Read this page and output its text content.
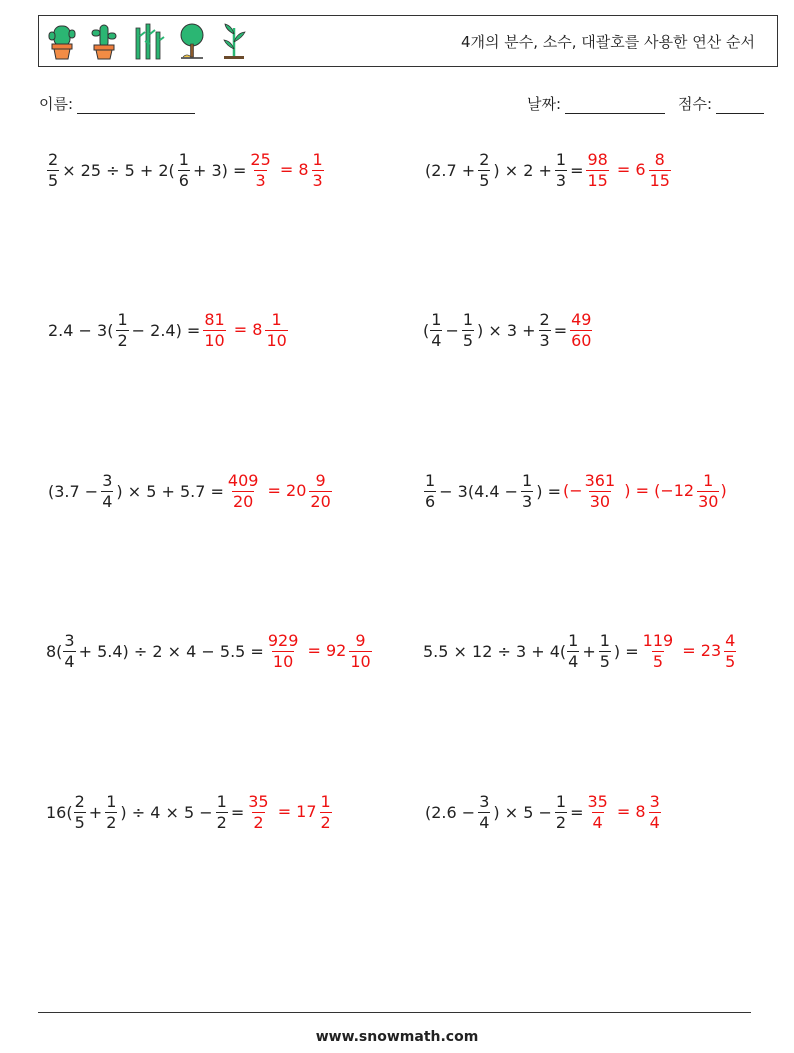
4개의 분수, 소수, 대괄호를 사용한 연산 순서
이름:	날짜:	점수:
$\frac{2}{5} \times 25 \div 5 + 2( \frac{1}{6} + 3) = \frac{25}{3} = 8 \frac{1}{3}$	($2.7 + \frac{2}{5}$ ) × $2 + \frac{1}{3} = \frac{98}{15} = 6 \frac{8}{15}$
$2.4 - 3( \frac{1}{2} - 2.4) = \frac{81}{10} = 8 \frac{1}{10}$	( $\frac{1}{4} - \frac{1}{5}$ ) × $3 + \frac{2}{3} = \frac{49}{60}$
($3.7 - \frac{3}{4}$ ) × $5 + 5.7 = \frac{409}{20} = 20 \frac{9}{20}$	$\frac{1}{6} - 3(4.4 - \frac{1}{3}$ ) = (− $\frac{361}{30}$ ) = ($-12 \frac{1}{30}$ )
$8( \frac{3}{4} + 5.4) \div 2 \times 4 - 5.5 = \frac{929}{10} = 92 \frac{9}{10}$	$5.5 \times 12 \div 3 + 4( \frac{1}{4} + \frac{1}{5}$ ) = $\frac{119}{5} = 23 \frac{4}{5}$
$16( \frac{2}{5} + \frac{1}{2}$ ) ÷ $4 \times 5 - \frac{1}{2} = \frac{35}{2} = 17 \frac{1}{2}$	($2.6 - \frac{3}{4}$ ) × $5 - \frac{1}{2} = \frac{35}{4} = 8 \frac{3}{4}$
www.snowmath.com
